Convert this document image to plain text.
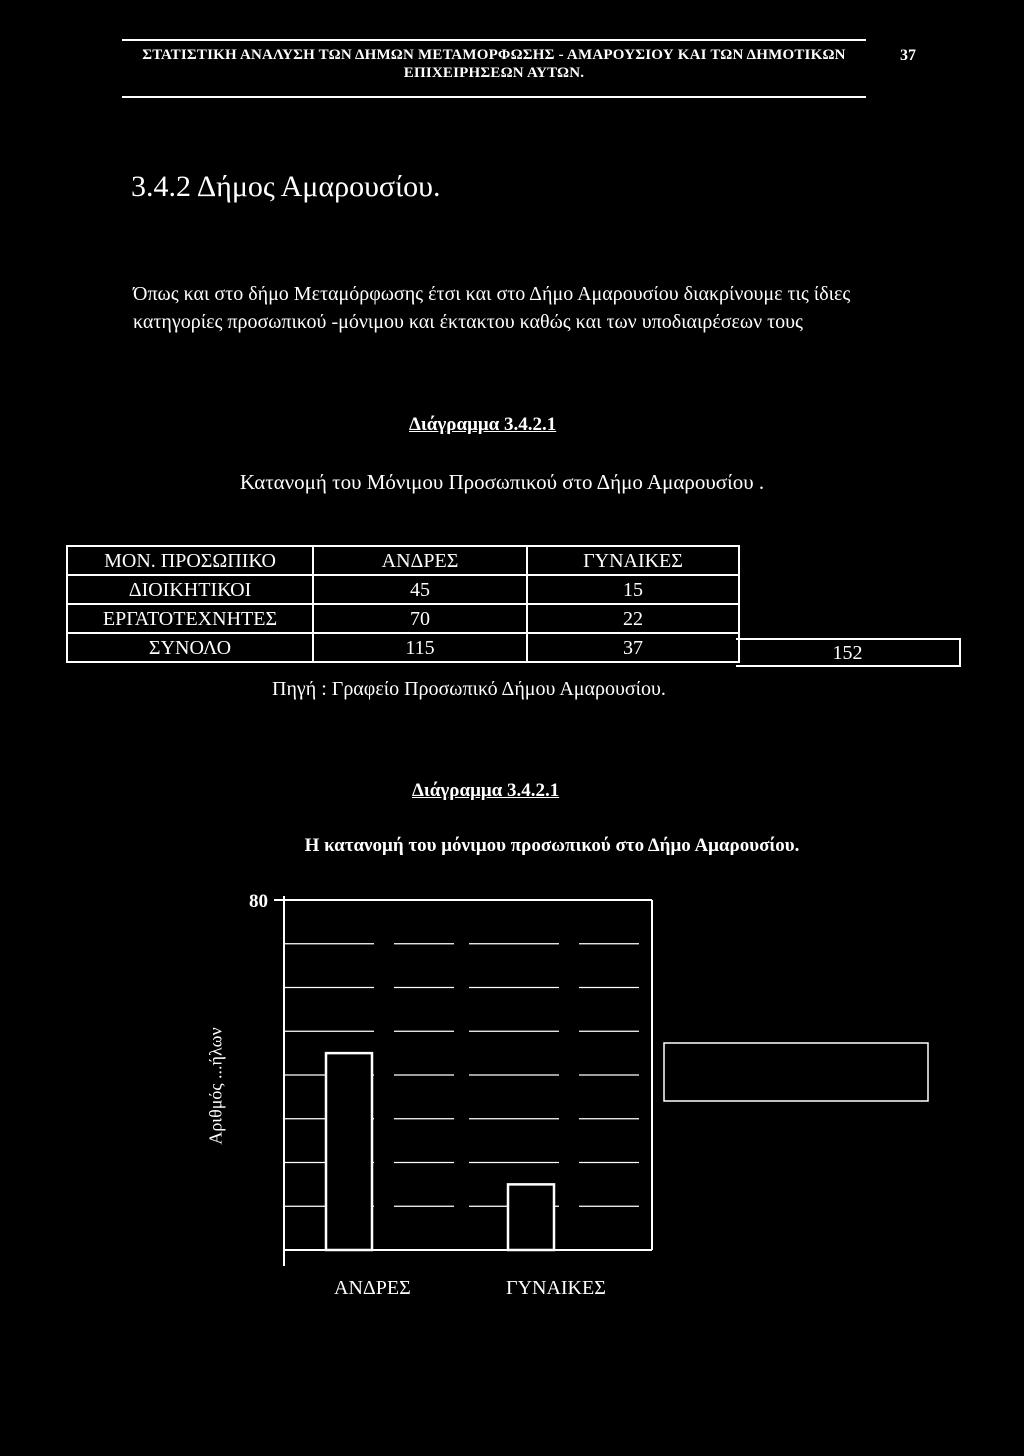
ΣΤΑΤΙΣΤΙΚΗ ΑΝΑΛΥΣΗ ΤΩΝ ΔΗΜΩΝ ΜΕΤΑΜΟΡΦΩΣΗΣ - ΑΜΑΡΟΥΣΙΟΥ ΚΑΙ ΤΩΝ ΔΗΜΟΤΙΚΩΝ ΕΠΙΧΕΙΡΗΣΕΩΝ ΑΥΤΩΝ.
37
3.4.2 Δήμος Αμαρουσίου.
Όπως και στο δήμο Μεταμόρφωσης έτσι και στο Δήμο Αμαρουσίου διακρίνουμε τις ίδιες κατηγορίες προσωπικού -μόνιμου και έκτακτου καθώς και των υποδιαιρέσεων τους
Διάγραμμα 3.4.2.1
Κατανομή του Μόνιμου Προσωπικού στο Δήμο Αμαρουσίου .
ΜΟΝ. ΠΡΟΣΩΠΙΚΟ	ΑΝΔΡΕΣ	ΓΥΝΑΙΚΕΣ
ΔΙΟΙΚΗΤΙΚΟΙ	45	15
ΕΡΓΑΤΟΤΕΧΝΗΤΕΣ	70	22
ΣΥΝΟΛΟ	115	37	152
Πηγή : Γραφείο Προσωπικό Δήμου Αμαρουσίου.
Διάγραμμα 3.4.2.1
Η κατανομή του μόνιμου προσωπικού στο Δήμο Αμαρουσίου.
Αριθμός ...ήλων
80
ΑΝΔΡΕΣ	ΓΥΝΑΙΚΕΣ
